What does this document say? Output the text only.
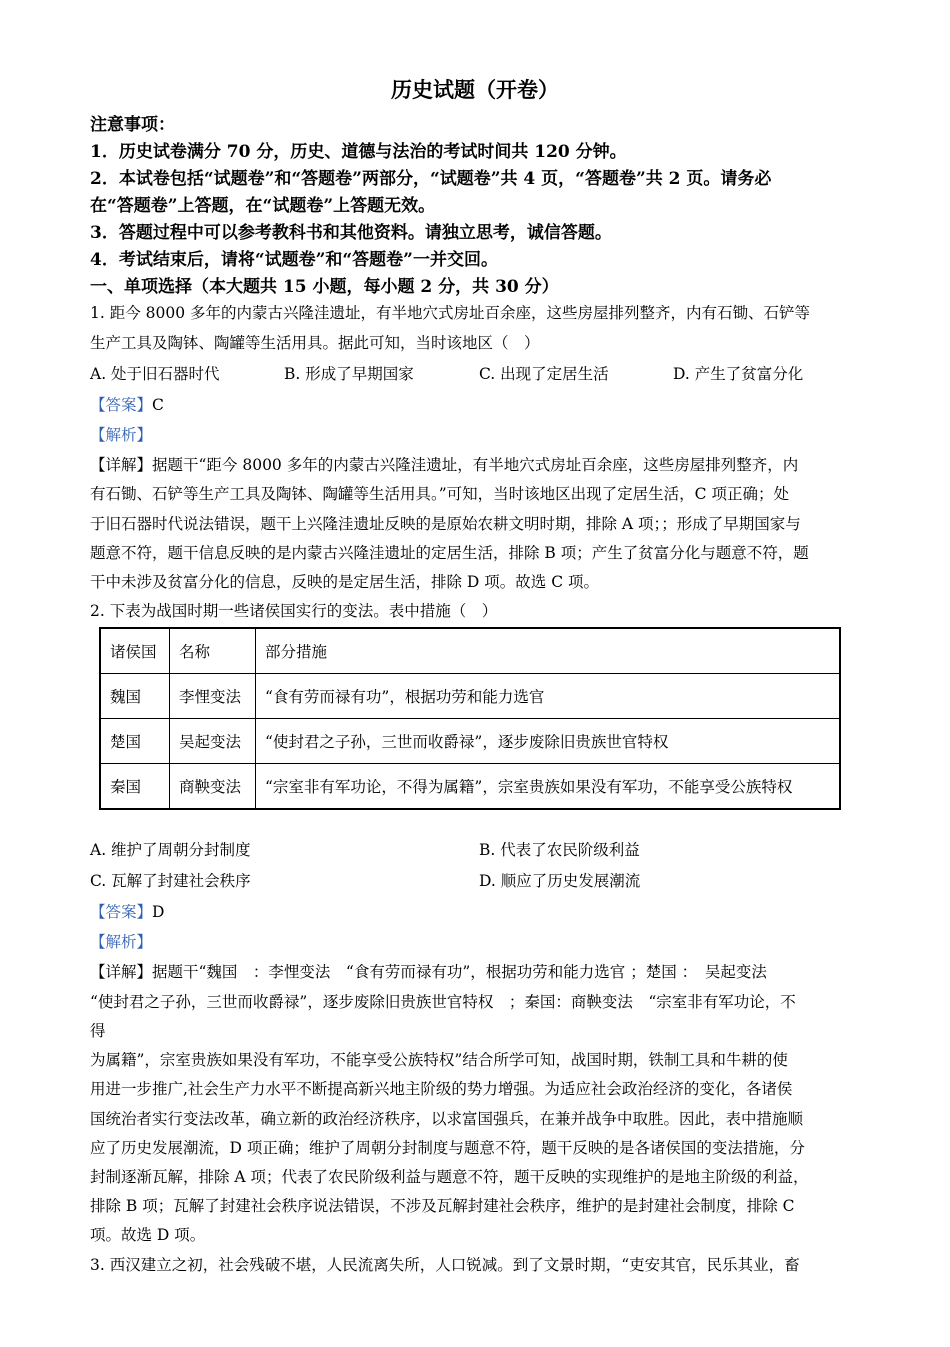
历史试题（开卷）
注意事项：
1．历史试卷满分 70 分，历史、道德与法治的考试时间共 120 分钟。
2．本试卷包括“试题卷”和“答题卷”两部分，“试题卷”共 4 页，“答题卷”共 2 页。请务必
在“答题卷”上答题，在“试题卷”上答题无效。
3．答题过程中可以参考教科书和其他资料。请独立思考，诚信答题。
4．考试结束后，请将“试题卷”和“答题卷”一并交回。
一、单项选择（本大题共 15 小题，每小题 2 分，共 30 分）
1. 距今 8000 多年的内蒙古兴隆洼遗址，有半地穴式房址百余座，这些房屋排列整齐，内有石锄、石铲等
生产工具及陶钵、陶罐等生活用具。据此可知，当时该地区（　）
A. 处于旧石器时代	B. 形成了早期国家	C. 出现了定居生活	D. 产生了贫富分化
【答案】C
【解析】
【详解】据题干“距今 8000 多年的内蒙古兴隆洼遗址，有半地穴式房址百余座，这些房屋排列整齐，内
有石锄、石铲等生产工具及陶钵、陶罐等生活用具。”可知，当时该地区出现了定居生活，C 项正确；处
于旧石器时代说法错误，题干上兴隆洼遗址反映的是原始农耕文明时期，排除 A 项；；形成了早期国家与
题意不符，题干信息反映的是内蒙古兴隆洼遗址的定居生活，排除 B 项；产生了贫富分化与题意不符，题
干中未涉及贫富分化的信息，反映的是定居生活，排除 D 项。故选 C 项。
2. 下表为战国时期一些诸侯国实行的变法。表中措施（　）
诸侯国	名称	部分措施
魏国	李悝变法	“食有劳而禄有功”，根据功劳和能力选官
楚国	吴起变法	“使封君之子孙，三世而收爵禄”，逐步废除旧贵族世官特权
秦国	商鞅变法	“宗室非有军功论，不得为属籍”，宗室贵族如果没有军功，不能享受公族特权
A. 维护了周朝分封制度	B. 代表了农民阶级利益
C. 瓦解了封建社会秩序	D. 顺应了历史发展潮流
【答案】D
【解析】
【详解】据题干“魏国　：李悝变法　“食有劳而禄有功”，根据功劳和能力选官 ；楚国 ：　吴起变法
“使封君之子孙，三世而收爵禄”，逐步废除旧贵族世官特权　；秦国：商鞅变法　“宗室非有军功论，不
得
为属籍”，宗室贵族如果没有军功，不能享受公族特权”结合所学可知，战国时期，铁制工具和牛耕的使
用进一步推广,社会生产力水平不断提高新兴地主阶级的势力增强。为适应社会政治经济的变化，各诸侯
国统治者实行变法改革，确立新的政治经济秩序，以求富国强兵，在兼并战争中取胜。因此，表中措施顺
应了历史发展潮流，D 项正确；维护了周朝分封制度与题意不符，题干反映的是各诸侯国的变法措施，分
封制逐渐瓦解，排除 A 项；代表了农民阶级利益与题意不符，题干反映的实现维护的是地主阶级的利益，
排除 B 项；瓦解了封建社会秩序说法错误，不涉及瓦解封建社会秩序，维护的是封建社会制度，排除 C
项。故选 D 项。
3. 西汉建立之初，社会残破不堪，人民流离失所，人口锐减。到了文景时期，“吏安其官，民乐其业，畜
